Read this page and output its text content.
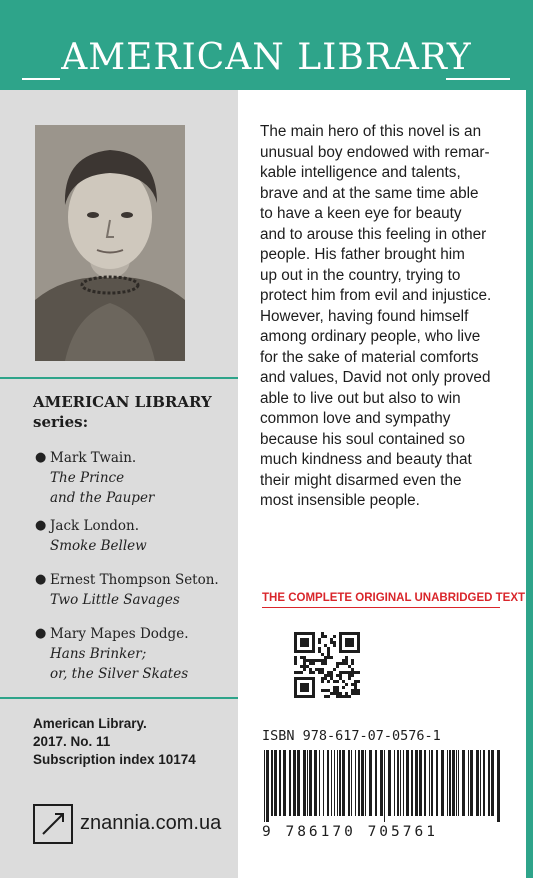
AMERICAN LIBRARY
AMERICAN LIBRARY
series:
● Mark Twain.
The Prince
and the Pauper
● Jack London.
Smoke Bellew
● Ernest Thompson Seton.
Two Little Savages
● Mary Mapes Dodge.
Hans Brinker;
or, the Silver Skates
American Library.
2017. No. 11
Subscription index 10174
znannia.com.ua
The main hero of this novel is an
unusual boy endowed with remar-
kable intelligence and talents,
brave and at the same time able
to have a keen eye for beauty
and to arouse this feeling in other
people. His father brought him
up out in the country, trying to
protect him from evil and injustice.
However, having found himself
among ordinary people, who live
for the sake of material comforts
and values, David not only proved
able to live out but also to win
common love and sympathy
because his soul contained so
much kindness and beauty that
their might disarmed even the
most insensible people.
THE COMPLETE ORIGINAL UNABRIDGED TEXT
ISBN 978-617-07-0576-1
9 786170 705761
